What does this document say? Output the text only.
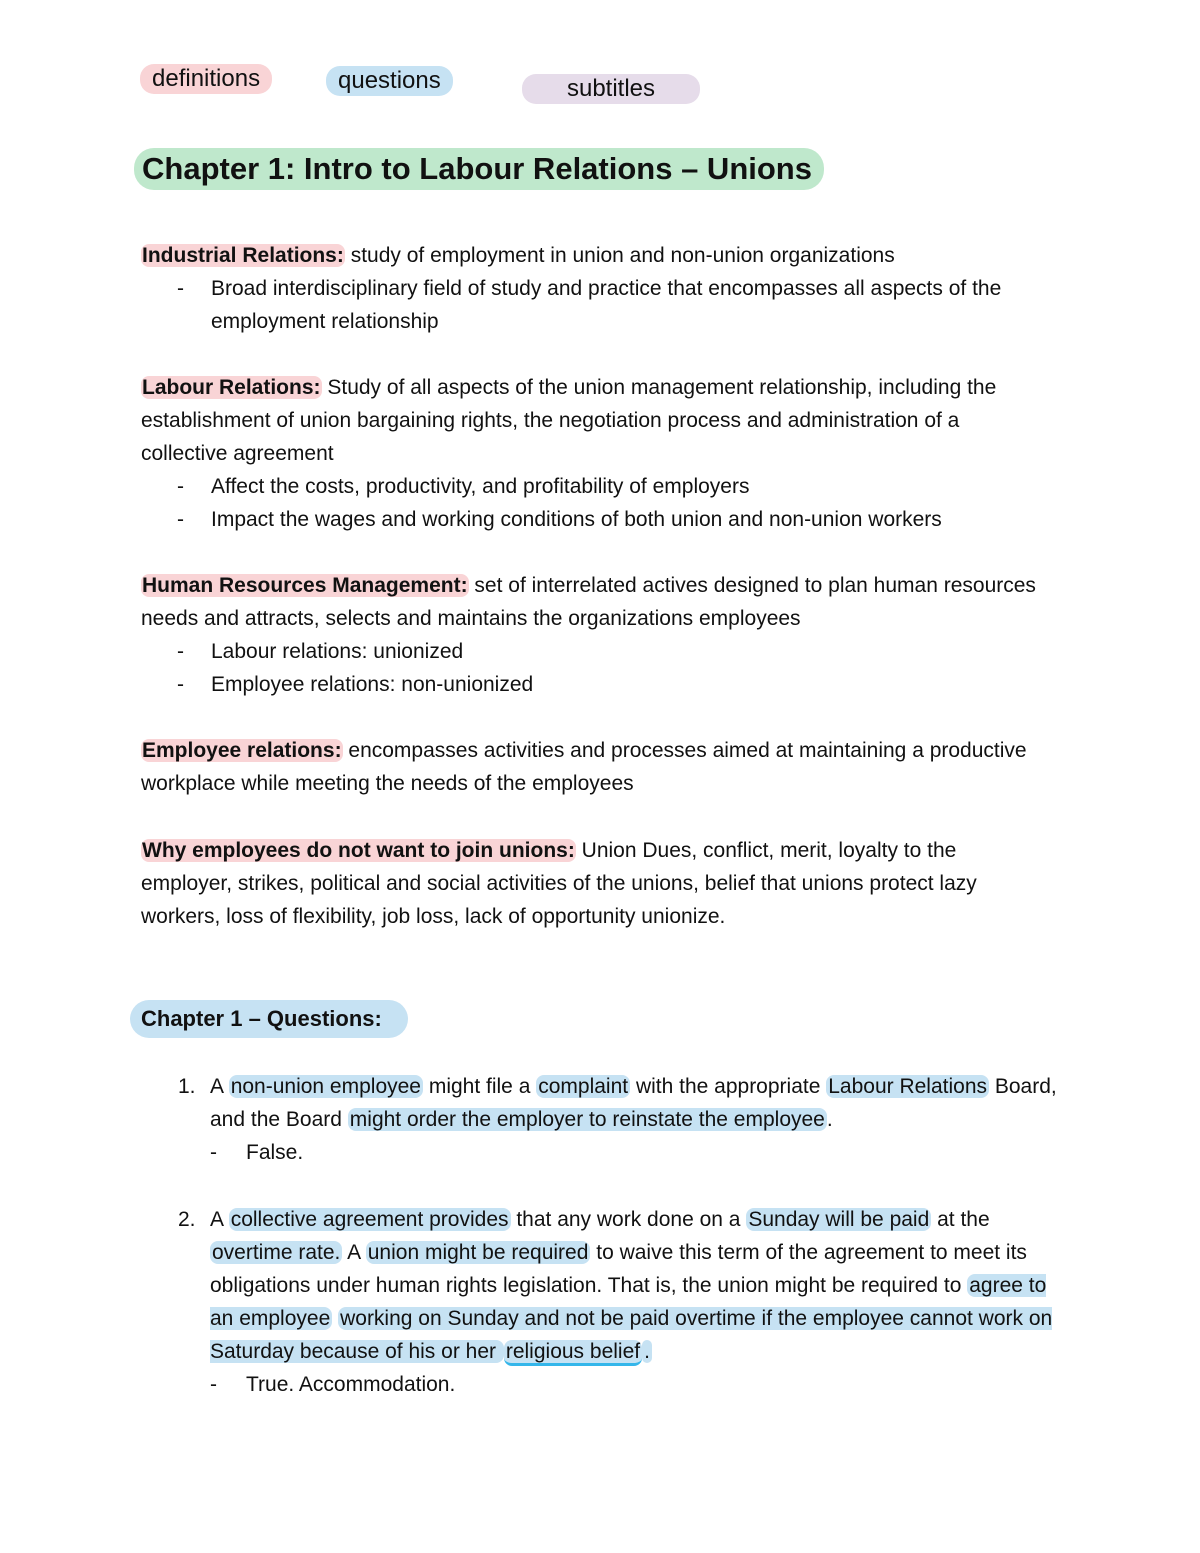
definitions	questions	subtitles
Chapter 1: Intro to Labour Relations – Unions
Industrial Relations: study of employment in union and non-union organizations
- Broad interdisciplinary field of study and practice that encompasses all aspects of the employment relationship
Labour Relations: Study of all aspects of the union management relationship, including the establishment of union bargaining rights, the negotiation process and administration of a collective agreement
- Affect the costs, productivity, and profitability of employers
- Impact the wages and working conditions of both union and non-union workers
Human Resources Management: set of interrelated actives designed to plan human resources needs and attracts, selects and maintains the organizations employees
- Labour relations: unionized
- Employee relations: non-unionized
Employee relations: encompasses activities and processes aimed at maintaining a productive workplace while meeting the needs of the employees
Why employees do not want to join unions: Union Dues, conflict, merit, loyalty to the employer, strikes, political and social activities of the unions, belief that unions protect lazy workers, loss of flexibility, job loss, lack of opportunity unionize.
Chapter 1 – Questions:
1. A non-union employee might file a complaint with the appropriate Labour Relations Board, and the Board might order the employer to reinstate the employee.
- False.
2. A collective agreement provides that any work done on a Sunday will be paid at the overtime rate. A union might be required to waive this term of the agreement to meet its obligations under human rights legislation. That is, the union might be required to agree to an employee working on Sunday and not be paid overtime if the employee cannot work on Saturday because of his or her religious belief .
- True. Accommodation.
